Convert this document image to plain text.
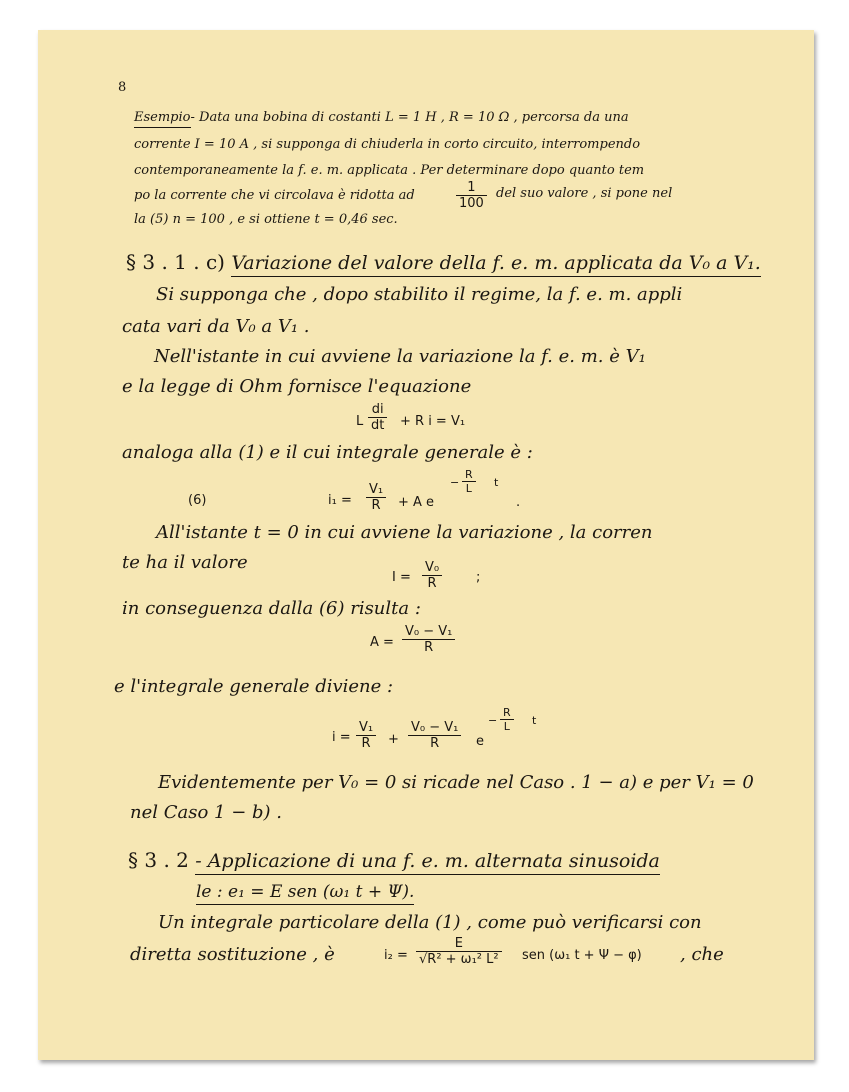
8
Esempio- Data una bobina di costanti L = 1 H , R = 10 Ω , percorsa da una
corrente I = 10 A , si supponga di chiuderla in corto circuito, interrompendo
contemporaneamente la f. e. m. applicata . Per determinare dopo quanto tem
po la corrente che vi circolava è ridotta ad
1
100
del suo valore , si pone nel
la (5) n = 100 , e si ottiene t = 0,46 sec.
§ 3 . 1 . c) Variazione del valore della f. e. m. applicata da V₀ a V₁.
Si supponga che , dopo stabilito il regime, la f. e. m. appli
cata vari da V₀ a V₁ .
Nell'istante in cui avviene la variazione la f. e. m. è V₁
e la legge di Ohm fornisce l'equazione
L
di
dt + R i = V₁
analoga alla (1) e il cui integrale generale è :
(6)	i₁ =
V₁
R	+ A e
−
R
L	t
.
All'istante t = 0 in cui avviene la variazione , la corren
te ha il valore
I =
V₀
R	;
in conseguenza dalla (6) risulta :
A =
V₀ − V₁
R
e l'integrale generale diviene :
i =
V₁
R	+
V₀ − V₁
R	e
−
R
L	t
Evidentemente per V₀ = 0 si ricade nel Caso . 1 − a) e per V₁ = 0
nel Caso 1 − b) .
§ 3 . 2 - Applicazione di una f. e. m. alternata sinusoida
le : e₁ = E sen (ω₁ t + Ψ).
Un integrale particolare della (1) , come può verificarsi con
diretta sostituzione , è	i₂ =
E
√R² + ω₁² L² sen (ω₁ t + Ψ − φ) , che
